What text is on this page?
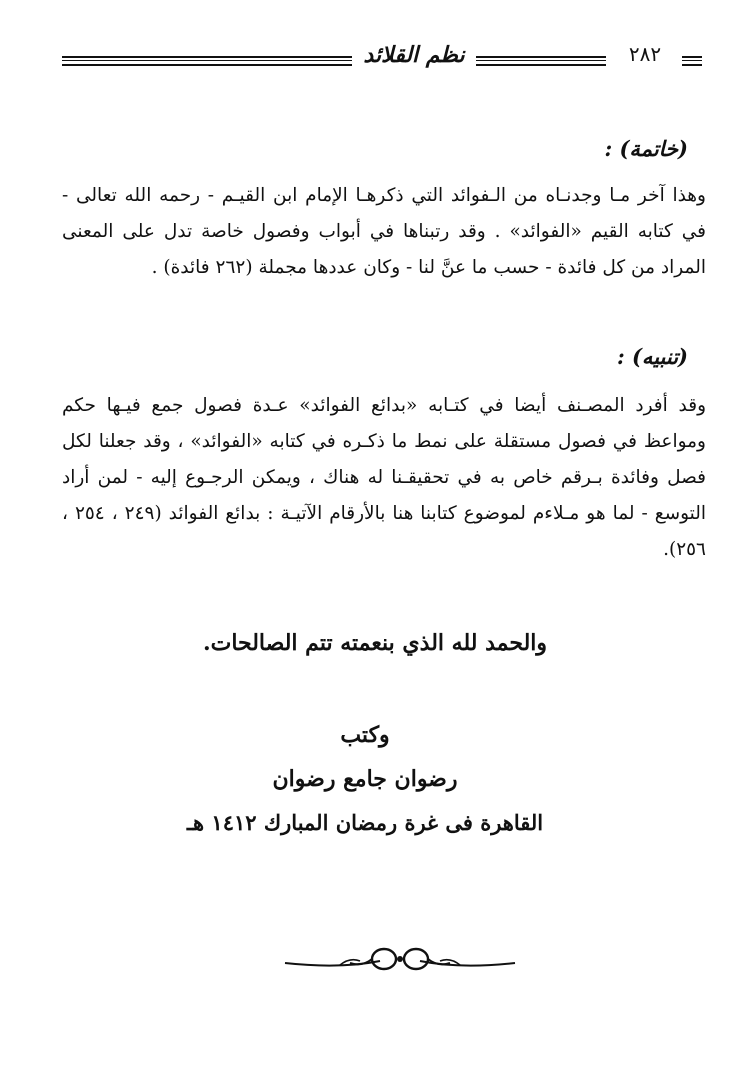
نظم القلائد	٢٨٢
(خاتمة) :

وهذا آخر مـا وجدنـاه من الـفوائد التي ذكرهـا الإمام ابن القيـم - رحمه الله تعالى - في كتابه القيم «الفوائد» . وقد رتبناها في أبواب وفصول خاصة تدل على المعنى المراد من كل فائدة - حسب ما عنَّ لنا - وكان عددها مجملة (٢٦٢ فائدة) .

(تنبيه) :

وقد أفرد المصـنف أيضا في كتـابه «بدائع الفوائد» عـدة فصول جمع فيـها حكم ومواعظ في فصول مستقلة على نمط ما ذكـره في كتابه «الفوائد» ، وقد جعلنا لكل فصل وفائدة بـرقم خاص به في تحقيقـنا له هناك ، ويمكن الرجـوع إليه - لمن أراد التوسع - لما هو مـلاءم لموضوع كتابنا هنا بالأرقام الآتيـة : بدائع الفوائد (٢٤٩ ، ٢٥٤ ، ٢٥٦).

والحمد لله الذي بنعمته تتم الصالحات.
وكتب
رضوان جامع رضوان
القاهرة فى غرة رمضان المبارك ١٤١٢ هـ
